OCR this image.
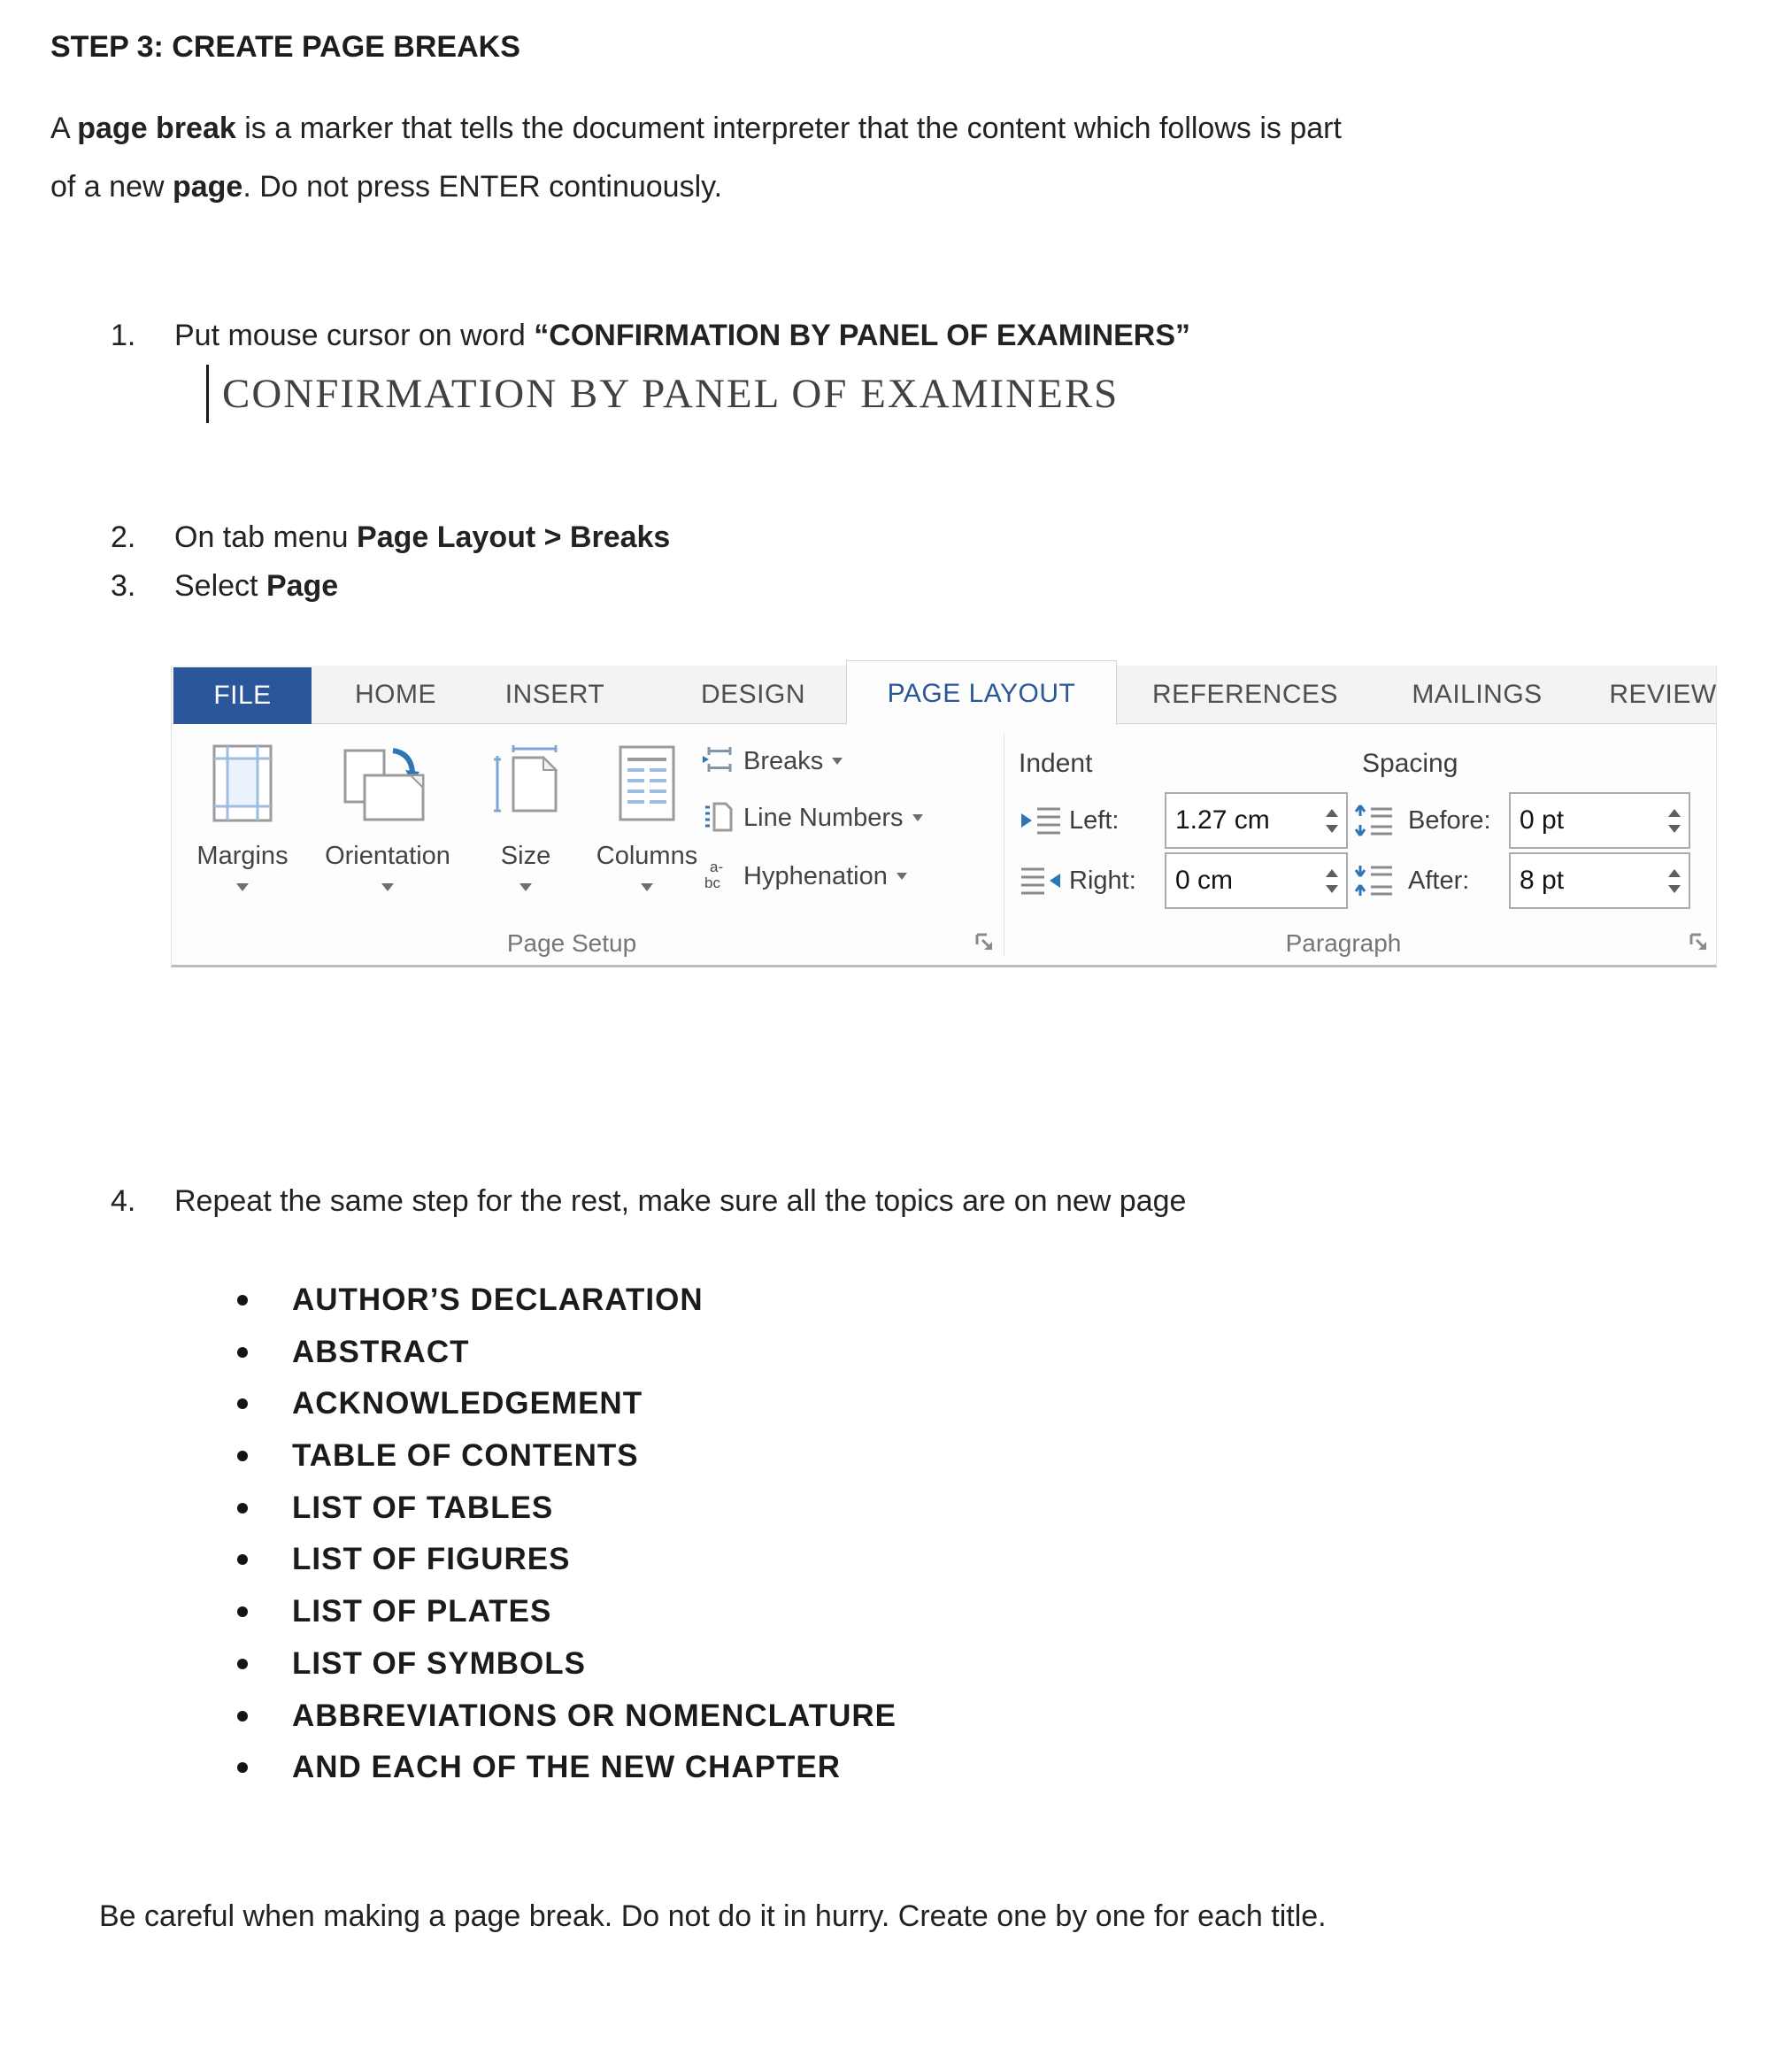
STEP 3: CREATE PAGE BREAKS

A page break is a marker that tells the document interpreter that the content which follows is part
of a new page. Do not press ENTER continuously.

1. Put mouse cursor on word “CONFIRMATION BY PANEL OF EXAMINERS”
CONFIRMATION BY PANEL OF EXAMINERS
2. On tab menu Page Layout > Breaks
3. Select Page
FILE	HOME	INSERT	DESIGN	PAGE LAYOUT	REFERENCES	MAILINGS	REVIEW
Margins Orientation Size Columns
Breaks
Line Numbers
a-
bc Hyphenation
Indent
Left:	1.27 cm
Right:	0 cm
Spacing
Before:	0 pt
After:	8 pt
Page Setup	Paragraph
4. Repeat the same step for the rest, make sure all the topics are on new page
AUTHOR’S DECLARATION
ABSTRACT
ACKNOWLEDGEMENT
TABLE OF CONTENTS
LIST OF TABLES
LIST OF FIGURES
LIST OF PLATES
LIST OF SYMBOLS
ABBREVIATIONS OR NOMENCLATURE
AND EACH OF THE NEW CHAPTER

Be careful when making a page break. Do not do it in hurry. Create one by one for each title.
